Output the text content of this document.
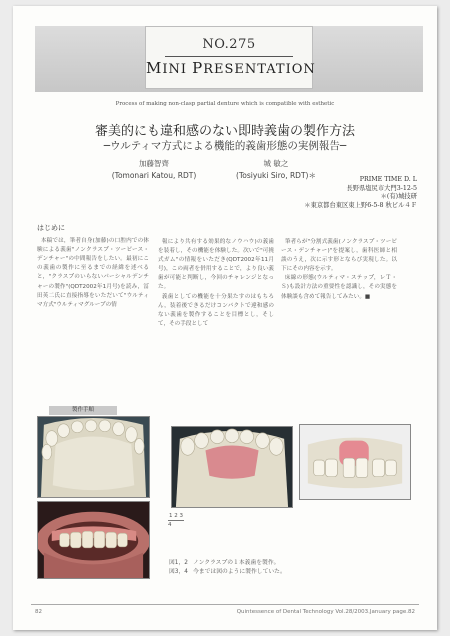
NO.275
MINI PRESENTATION
Process of making non-clasp partial denture which is compatible with esthetic
審美的にも違和感のない即時義歯の製作方法
─ウルティマ方式による機能的義歯形態の実例報告─
加藤智齊
(Tomonari Katou, RDT)
城 敏之
(Tosiyuki Siro, RDT)＊	PRIME TIME D. L
長野県塩尻市大門3-12-5
＊(有)城技研
＊東京都台東区東上野6-5-8 秋ビル４Ｆ
はじめに

本稿では，筆者自身(加藤)の口腔内での体験による義歯"ノンクラスプ・ツーピース・デンチャー"の中間報告をしたい。最初にこの義歯の製作に至るまでの経緯を述べると，"クラスプのいらないパーシャルデンチャーの製作"(QDT2002年1月号)を読み，冨田英二氏に直接指導をいただいて"ウルティマ方式"ウルティマグループの情

報により共有する効果的なノウハウ)の義歯を装着し，その機能を体験した。次いで"可撓式ガム"の情報をいただき(QDT2002年11月号)，この両者を併用することで，より良い義歯が可能と判断し，今回のチャレンジとなった。

義歯としての機能を十分果たすのはもちろん，装着後できるだけコンパクトで違和感のない義歯を製作することを目標とし，そして，その手段として

筆者らが"分割式義歯(ノンクラスプ・ツーピース・デンチャー)"を提案し，歯科医師と相談のうえ，次に示す形とならび実現した。以下にその内容を示す。

床線の形態(ウルティマ・ステップ，レＴ・Ｓ)も設計方法の重要性を認識し，その実態を体験談も含めて報告してみたい。■

製作手順
1 2 3
4
図1，2 ノンクラスプの１本義歯を製作。
図3，4 今までは図のように製作していた。
82	Quintessence of Dental Technology Vol.28/2003.January page.82
